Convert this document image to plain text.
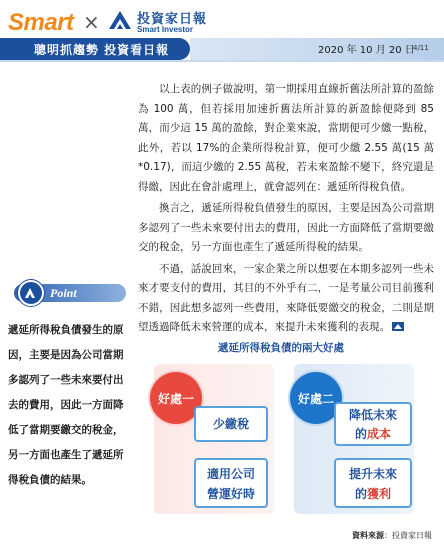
Smart ×	投資家日報
Smart Investor
聰明抓趨勢 投資看日報	2020 年 10 月 20 日
4/11

以上表的例子做說明，第一期採用直線折舊法所計算的盈餘為 100 萬，但若採用加速折舊法所計算的新盈餘便降到 85 萬，而少這 15 萬的盈餘，對企業來說，當期便可少繳一點稅，此外，若以 17%的企業所得稅計算，便可少繳 2.55 萬(15 萬*0.17)，而這少繳的 2.55 萬稅，若未來盈餘不變下，終究還是得繳，因此在會計處理上，就會認列在：遞延所得稅負債。

換言之，遞延所得稅負債發生的原因，主要是因為公司當期多認列了一些未來要付出去的費用，因此一方面降低了當期要繳交的稅金，另一方面也產生了遞延所得稅的結果。

不過，話說回來，一家企業之所以想要在本期多認列一些未來才要支付的費用，其目的不外乎有二，一是考量公司目前獲利不錯，因此想多認列一些費用，來降低要繳交的稅金，二則是期望透過降低未來營運的成本，來提升未來獲利的表現。

Point
遞延所得稅負債發生的原因，主要是因為公司當期多認列了一些未來要付出去的費用，因此一方面降低了當期要繳交的稅金，另一方面也產生了遞延所得稅負債的結果。
遞延所得稅負債的兩大好處
好處一	好處二
少繳稅
適用公司
營運好時
降低未來
的成本
提升未來
的獲利
資料來源：投資家日報
